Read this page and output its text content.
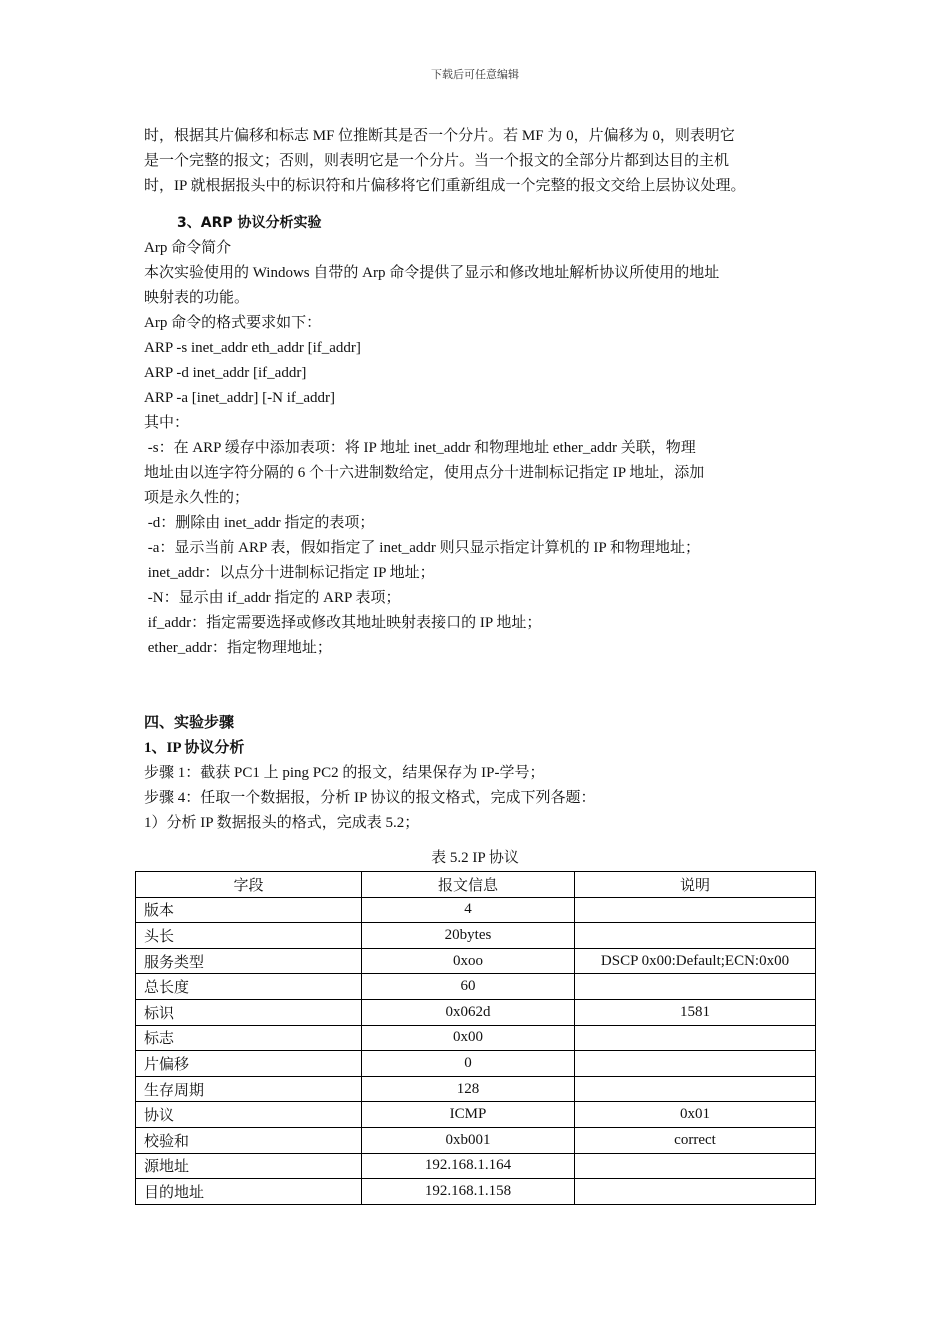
下载后可任意编辑
时，根据其片偏移和标志 MF 位推断其是否一个分片。若 MF 为 0，片偏移为 0，则表明它
是一个完整的报文；否则，则表明它是一个分片。当一个报文的全部分片都到达目的主机
时，IP 就根据报头中的标识符和片偏移将它们重新组成一个完整的报文交给上层协议处理。
3、ARP 协议分析实验
Arp 命令简介
本次实验使用的 Windows 自带的 Arp 命令提供了显示和修改地址解析协议所使用的地址
映射表的功能。
Arp 命令的格式要求如下：
ARP -s inet_addr eth_addr [if_addr]
ARP -d inet_addr [if_addr]
ARP -a [inet_addr] [-N if_addr]
其中：
-s：在 ARP 缓存中添加表项：将 IP 地址 inet_addr 和物理地址 ether_addr 关联，物理
地址由以连字符分隔的 6 个十六进制数给定，使用点分十进制标记指定 IP 地址，添加
项是永久性的；
-d：删除由 inet_addr 指定的表项；
-a：显示当前 ARP 表，假如指定了 inet_addr 则只显示指定计算机的 IP 和物理地址；
inet_addr：以点分十进制标记指定 IP 地址；
-N：显示由 if_addr 指定的 ARP 表项；
if_addr：指定需要选择或修改其地址映射表接口的 IP 地址；
ether_addr：指定物理地址；
四、实验步骤
1、IP 协议分析
步骤 1：截获 PC1 上 ping PC2 的报文，结果保存为 IP-学号；
步骤 4：任取一个数据报，分析 IP 协议的报文格式，完成下列各题：
1）分析 IP 数据报头的格式，完成表 5.2；
表 5.2 IP 协议
字段	报文信息	说明
版本	4	
头长	20bytes	
服务类型	0xoo	DSCP 0x00:Default;ECN:0x00
总长度	60	
标识	0x062d	1581
标志	0x00	
片偏移	0	
生存周期	128	
协议	ICMP	0x01
校验和	0xb001	correct
源地址	192.168.1.164	
目的地址	192.168.1.158	
